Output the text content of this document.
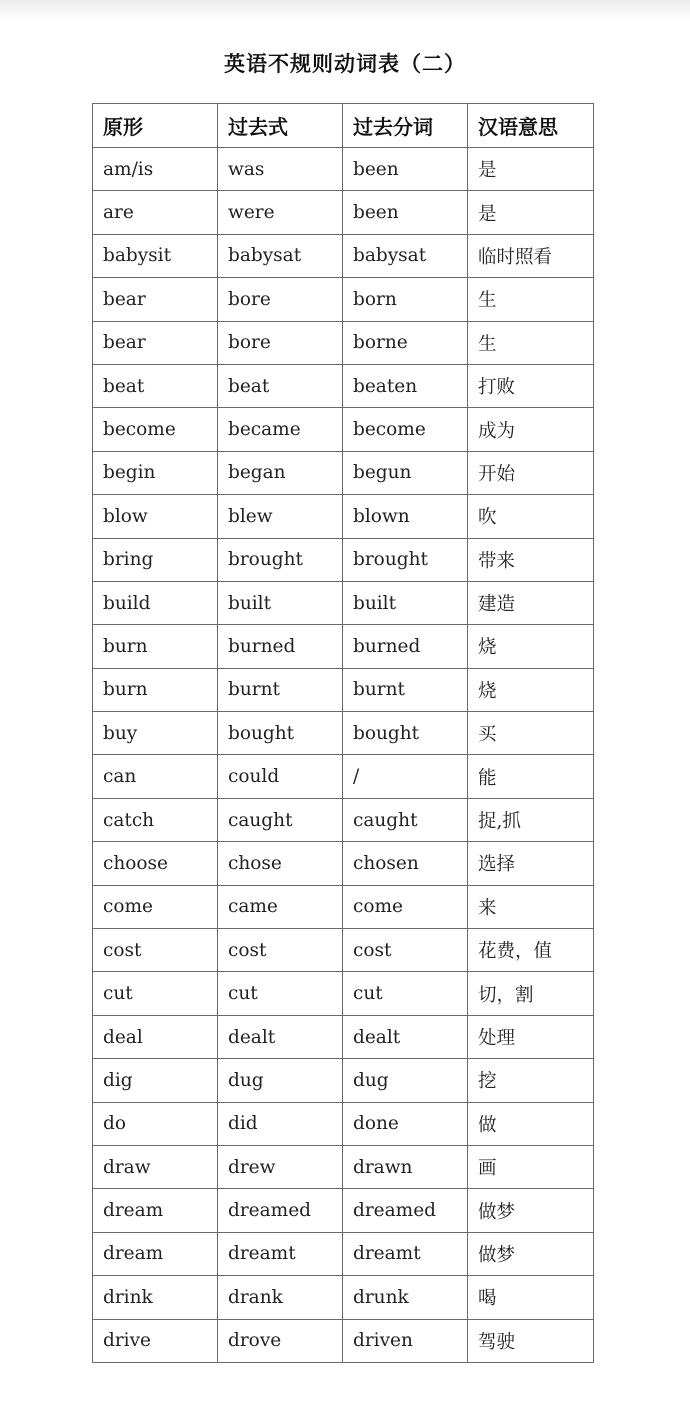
英语不规则动词表（二）
原形	过去式	过去分词	汉语意思
am/is	was	been	是
are	were	been	是
babysit	babysat	babysat	临时照看
bear	bore	born	生
bear	bore	borne	生
beat	beat	beaten	打败
become	became	become	成为
begin	began	begun	开始
blow	blew	blown	吹
bring	brought	brought	带来
build	built	built	建造
burn	burned	burned	烧
burn	burnt	burnt	烧
buy	bought	bought	买
can	could	/	能
catch	caught	caught	捉,抓
choose	chose	chosen	选择
come	came	come	来
cost	cost	cost	花费，值
cut	cut	cut	切，割
deal	dealt	dealt	处理
dig	dug	dug	挖
do	did	done	做
draw	drew	drawn	画
dream	dreamed	dreamed	做梦
dream	dreamt	dreamt	做梦
drink	drank	drunk	喝
drive	drove	driven	驾驶
